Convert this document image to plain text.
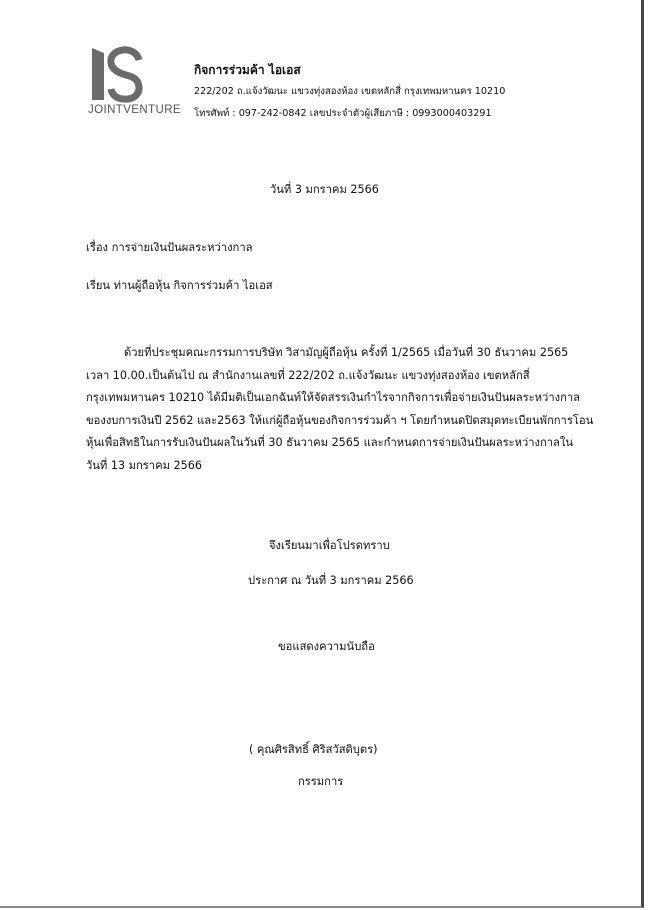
IS
JOINTVENTURE
กิจการร่วมค้า ไอเอส
222/202 ถ.แจ้งวัฒนะ แขวงทุ่งสองห้อง เขตหลักสี่ กรุงเทพมหานคร 10210
โทรศัพท์ : 097-242-0842 เลขประจำตัวผู้เสียภาษี : 0993000403291
วันที่ 3 มกราคม 2566
เรื่อง การจ่ายเงินปันผลระหว่างกาล
เรียน ท่านผู้ถือหุ้น กิจการร่วมค้า ไอเอส
ด้วยที่ประชุมคณะกรรมการบริษัท วิสามัญผู้ถือหุ้น ครั้งที่ 1/2565 เมื่อวันที่ 30 ธันวาคม 2565
เวลา 10.00.เป็นต้นไป ณ สำนักงานเลขที่ 222/202 ถ.แจ้งวัฒนะ แขวงทุ่งสองห้อง เขตหลักสี่
กรุงเทพมหานคร 10210 ได้มีมติเป็นเอกฉันท์ให้จัดสรรเงินกำไรจากกิจการเพื่อจ่ายเงินปันผลระหว่างกาล
ของงบการเงินปี 2562 และ2563 ให้แก่ผู้ถือหุ้นของกิจการร่วมค้า ฯ โดยกำหนดปิดสมุดทะเบียนพักการโอน
หุ้นเพื่อสิทธิในการรับเงินปันผลในวันที่ 30 ธันวาคม 2565 และกำหนดการจ่ายเงินปันผลระหว่างกาลใน
วันที่ 13 มกราคม 2566
จึงเรียนมาเพื่อโปรดทราบ
ประกาศ ณ วันที่ 3 มกราคม 2566
ขอแสดงความนับถือ
( คุณศิรสิทธิ์ ศิริสวัสดิบุตร)
กรรมการ
